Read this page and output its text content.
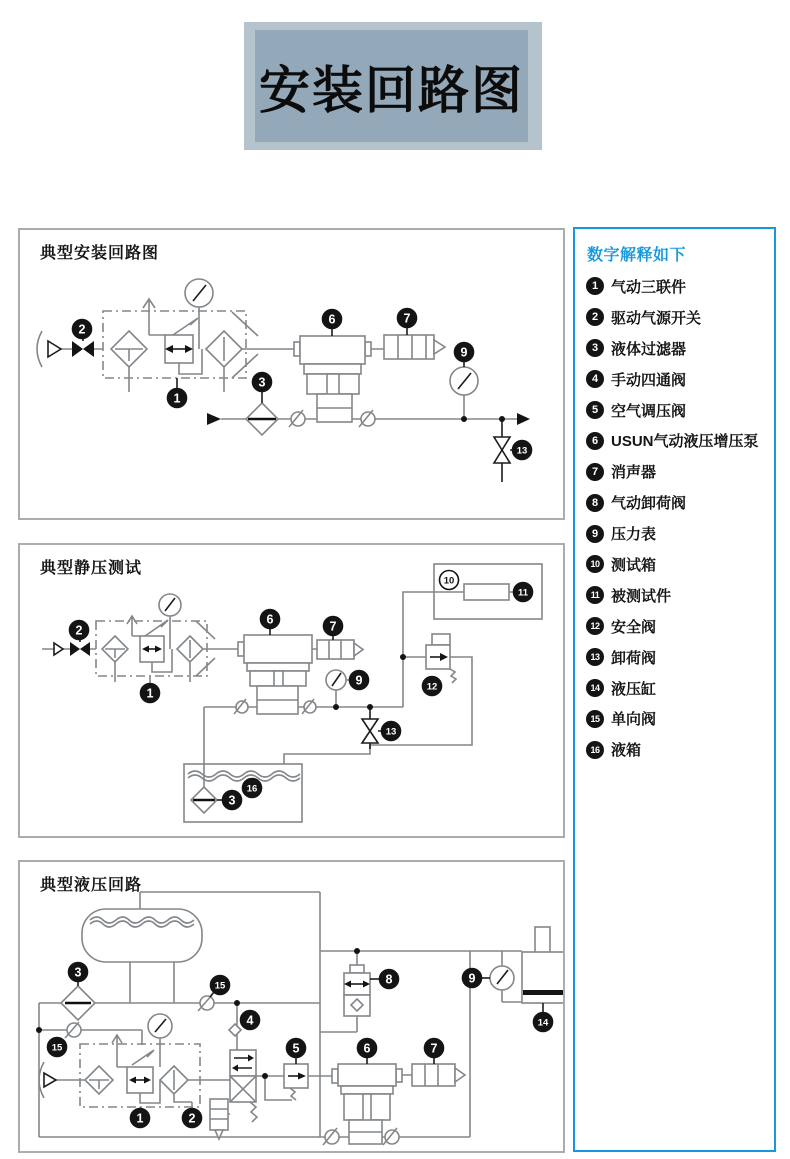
安装回路图
2
1
3
6	7
9
13
典型安装回路图
2
1
6	7
9
10
11
12
13
3
16
典型静压测试
3
15
15
4
1	2
5	6	7
8	9
14
典型液压回路
数字解释如下
1 气动三联件
2 驱动气源开关
3 液体过滤器
4 手动四通阀
5 空气调压阀
6 USUN气动液压增压泵
7 消声器
8 气动卸荷阀
9 压力表
10 测试箱
11 被测试件
12 安全阀
13 卸荷阀
14 液压缸
15 单向阀
16 液箱
